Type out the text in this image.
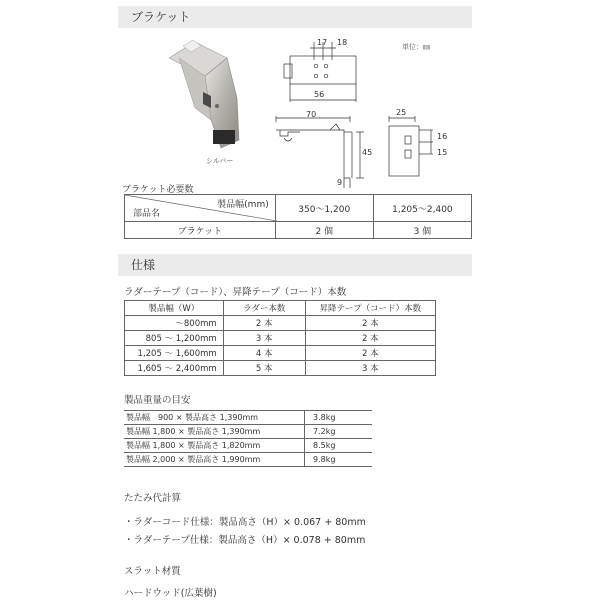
ブラケット
シルバー
単位：㎜
17 18
56
70
45
9
25
16
15
ブラケット必要数
製品幅(mm)
部品名	350～1,200	1,205～2,400
ブラケット	2 個	3 個
仕様
ラダーテープ（コード）、昇降テープ（コード）本数
製品幅（W）	ラダー本数	昇降テープ（コード）本数
～800mm	2 本	2 本
805 ～ 1,200mm	3 本	2 本
1,205 ～ 1,600mm	4 本	2 本
1,605 ～ 2,400mm	5 本	3 本
製品重量の目安
製品幅　900 × 製品高さ 1,390mm	3.8kg
製品幅 1,800 × 製品高さ 1,390mm	7.2kg
製品幅 1,800 × 製品高さ 1,820mm	8.5kg
製品幅 2,000 × 製品高さ 1,990mm	9.8kg
たたみ代計算
・ラダーコード仕様：製品高さ（H）× 0.067 + 80mm
・ラダーテープ仕様：製品高さ（H）× 0.078 + 80mm
スラット材質
ハードウッド(広葉樹)
